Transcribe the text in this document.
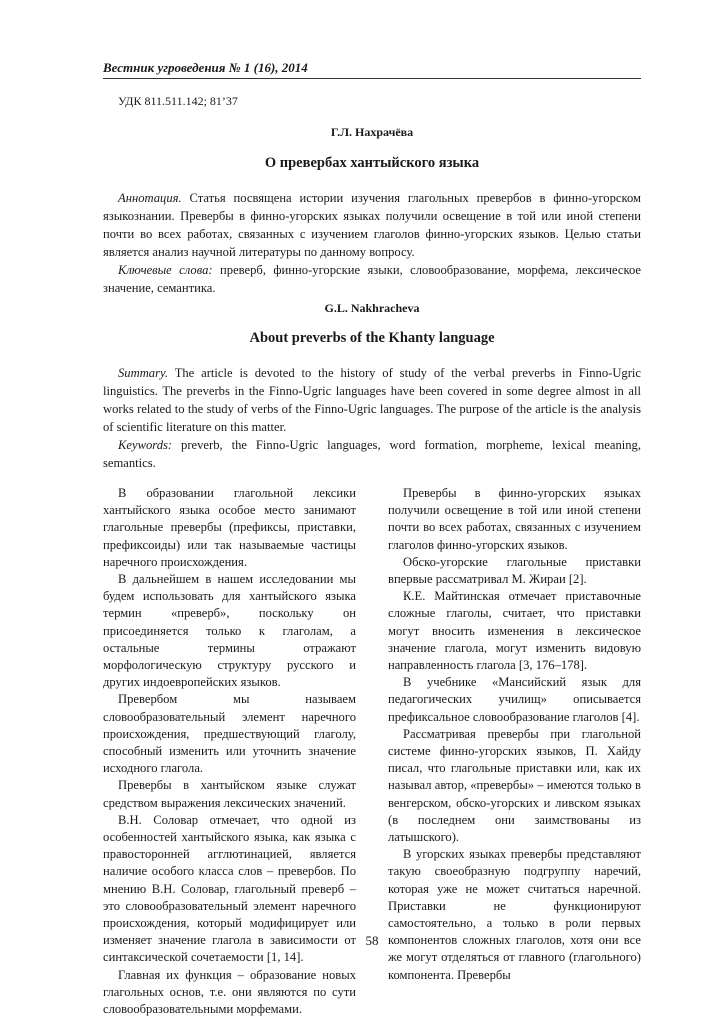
Вестник угроведения № 1 (16), 2014
УДК 811.511.142; 81’37
Г.Л. Нахрачёва
О превербах хантыйского языка

Аннотация. Статья посвящена истории изучения глагольных превербов в финно-угорском языкознании. Превербы в финно-угорских языках получили освещение в той или иной степени почти во всех работах, связанных с изучением глаголов финно-угорских языков. Целью статьи является анализ научной литературы по данному вопросу.

Ключевые слова: преверб, финно-угорские языки, словообразование, морфема, лексическое значение, семантика.

G.L. Nakhracheva
About preverbs of the Khanty language

Summary. The article is devoted to the history of study of the verbal preverbs in Finno-Ugric linguistics. The preverbs in the Finno-Ugric languages have been covered in some degree almost in all works related to the study of verbs of the Finno-Ugric languages. The purpose of the article is the analysis of scientific literature on this matter.

Keywords: preverb, the Finno-Ugric languages, word formation, morpheme, lexical meaning, semantics.

В образовании глагольной лексики хантыйского языка особое место занимают глагольные превербы (префиксы, приставки, префиксоиды) или так называемые частицы наречного происхождения.

В дальнейшем в нашем исследовании мы будем использовать для хантыйского языка термин «преверб», поскольку он присоединяется только к глаголам, а остальные термины отражают морфологическую структуру русского и других индоевропейских языков.

Превербом мы называем словообразовательный элемент наречного происхождения, предшествующий глаголу, способный изменить или уточнить значение исходного глагола.

Превербы в хантыйском языке служат средством выражения лексических значений.

В.Н. Соловар отмечает, что одной из особенностей хантыйского языка, как языка с правосторонней агглютинацией, является наличие особого класса слов – превербов. По мнению В.Н. Соловар, глагольный преверб – это словообразовательный элемент наречного происхождения, который модифицирует или изменяет значение глагола в зависимости от синтаксической сочетаемости [1, 14].

Главная их функция – образование новых глагольных основ, т.е. они являются по сути словообразовательными морфемами.

Превербы в финно-угорских языках получили освещение в той или иной степени почти во всех работах, связанных с изучением глаголов финно-угорских языков.

Обско-угорские глагольные приставки впервые рассматривал М. Жираи [2].

К.Е. Майтинская отмечает приставочные сложные глаголы, считает, что приставки могут вносить изменения в лексическое значение глагола, могут изменить видовую направленность глагола [3, 176–178].

В учебнике «Мансийский язык для педагогических училищ» описывается префиксальное словообразование глаголов [4].

Рассматривая превербы при глагольной системе финно-угорских языков, П. Хайду писал, что глагольные приставки или, как их называл автор, «превербы» – имеются только в венгерском, обско-угорских и ливском языках (в последнем они заимствованы из латышского).

В угорских языках превербы представляют такую своеобразную подгруппу наречий, которая уже не может считаться наречной. Приставки не функционируют самостоятельно, а только в роли первых компонентов сложных глаголов, хотя они все же могут отделяться от главного (глагольного) компонента. Превербы

58
